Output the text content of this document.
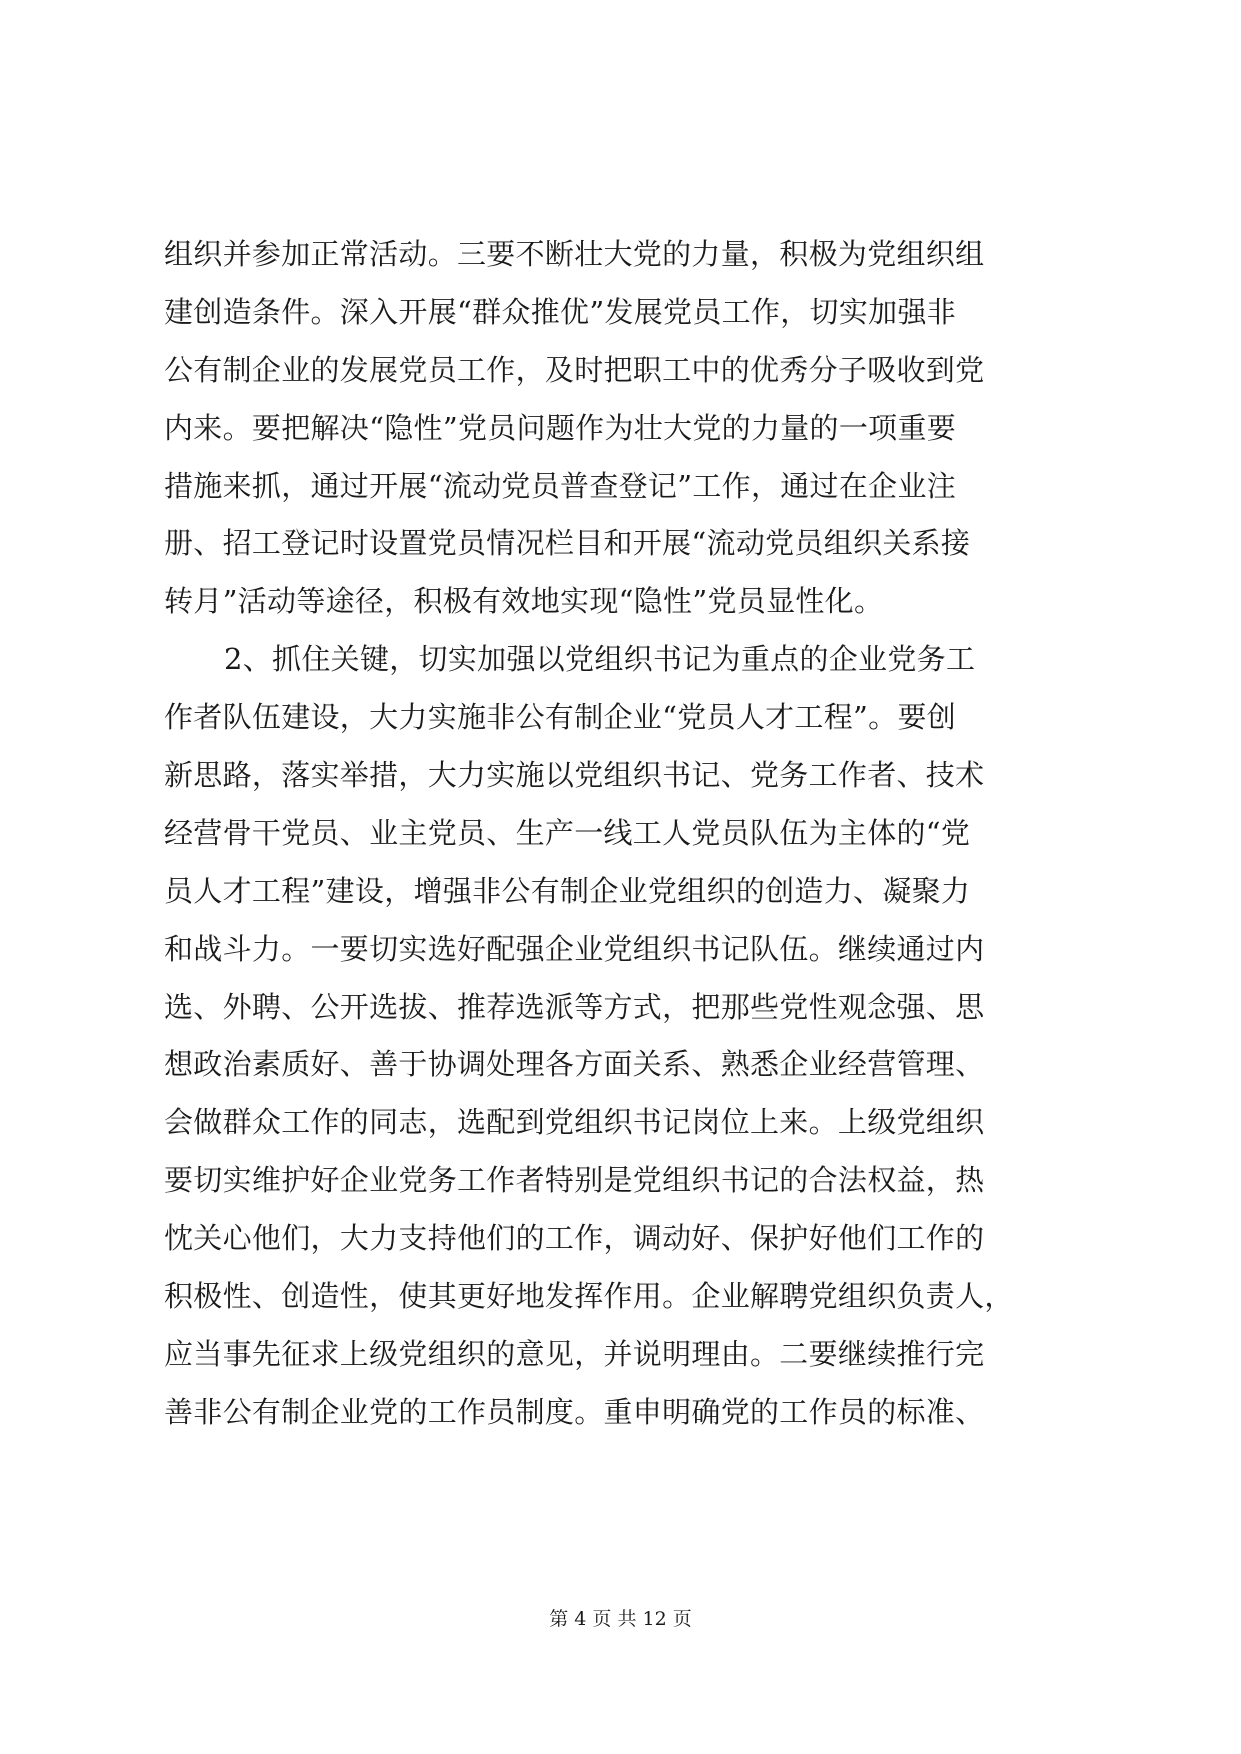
组织并参加正常活动。三要不断壮大党的力量，积极为党组织组
建创造条件。深入开展“群众推优”发展党员工作，切实加强非
公有制企业的发展党员工作，及时把职工中的优秀分子吸收到党
内来。要把解决“隐性”党员问题作为壮大党的力量的一项重要
措施来抓，通过开展“流动党员普查登记”工作，通过在企业注
册、招工登记时设置党员情况栏目和开展“流动党员组织关系接
转月”活动等途径，积极有效地实现“隐性”党员显性化。
2、抓住关键，切实加强以党组织书记为重点的企业党务工
作者队伍建设，大力实施非公有制企业“党员人才工程”。要创
新思路，落实举措，大力实施以党组织书记、党务工作者、技术
经营骨干党员、业主党员、生产一线工人党员队伍为主体的“党
员人才工程”建设，增强非公有制企业党组织的创造力、凝聚力
和战斗力。一要切实选好配强企业党组织书记队伍。继续通过内
选、外聘、公开选拔、推荐选派等方式，把那些党性观念强、思
想政治素质好、善于协调处理各方面关系、熟悉企业经营管理、
会做群众工作的同志，选配到党组织书记岗位上来。上级党组织
要切实维护好企业党务工作者特别是党组织书记的合法权益，热
忱关心他们，大力支持他们的工作，调动好、保护好他们工作的
积极性、创造性，使其更好地发挥作用。企业解聘党组织负责人，
应当事先征求上级党组织的意见，并说明理由。二要继续推行完
善非公有制企业党的工作员制度。重申明确党的工作员的标准、
第 4 页 共 12 页
